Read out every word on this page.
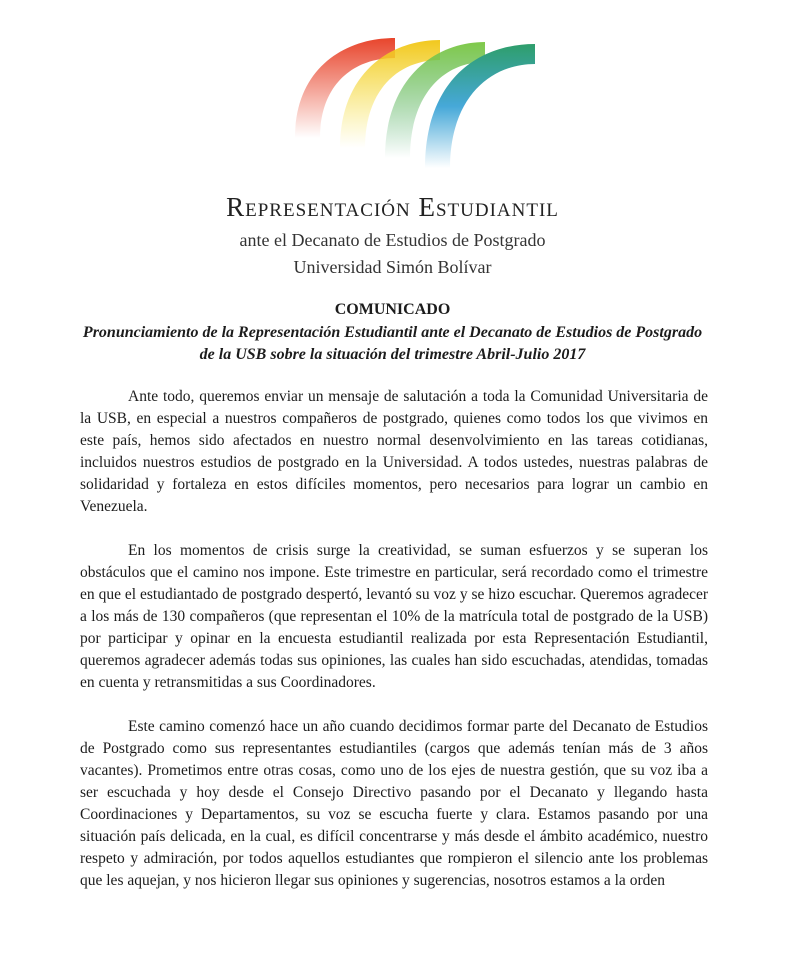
Representación Estudiantil
ante el Decanato de Estudios de Postgrado
Universidad Simón Bolívar
COMUNICADO
Pronunciamiento de la Representación Estudiantil ante el Decanato de Estudios de Postgrado de la USB sobre la situación del trimestre Abril-Julio 2017

Ante todo, queremos enviar un mensaje de salutación a toda la Comunidad Universitaria de la USB, en especial a nuestros compañeros de postgrado, quienes como todos los que vivimos en este país, hemos sido afectados en nuestro normal desenvolvimiento en las tareas cotidianas, incluidos nuestros estudios de postgrado en la Universidad. A todos ustedes, nuestras palabras de solidaridad y fortaleza en estos difíciles momentos, pero necesarios para lograr un cambio en Venezuela.

En los momentos de crisis surge la creatividad, se suman esfuerzos y se superan los obstáculos que el camino nos impone. Este trimestre en particular, será recordado como el trimestre en que el estudiantado de postgrado despertó, levantó su voz y se hizo escuchar. Queremos agradecer a los más de 130 compañeros (que representan el 10% de la matrícula total de postgrado de la USB) por participar y opinar en la encuesta estudiantil realizada por esta Representación Estudiantil, queremos agradecer además todas sus opiniones, las cuales han sido escuchadas, atendidas, tomadas en cuenta y retransmitidas a sus Coordinadores.

Este camino comenzó hace un año cuando decidimos formar parte del Decanato de Estudios de Postgrado como sus representantes estudiantiles (cargos que además tenían más de 3 años vacantes). Prometimos entre otras cosas, como uno de los ejes de nuestra gestión, que su voz iba a ser escuchada y hoy desde el Consejo Directivo pasando por el Decanato y llegando hasta Coordinaciones y Departamentos, su voz se escucha fuerte y clara. Estamos pasando por una situación país delicada, en la cual, es difícil concentrarse y más desde el ámbito académico, nuestro respeto y admiración, por todos aquellos estudiantes que rompieron el silencio ante los problemas que les aquejan, y nos hicieron llegar sus opiniones y sugerencias, nosotros estamos a la orden
